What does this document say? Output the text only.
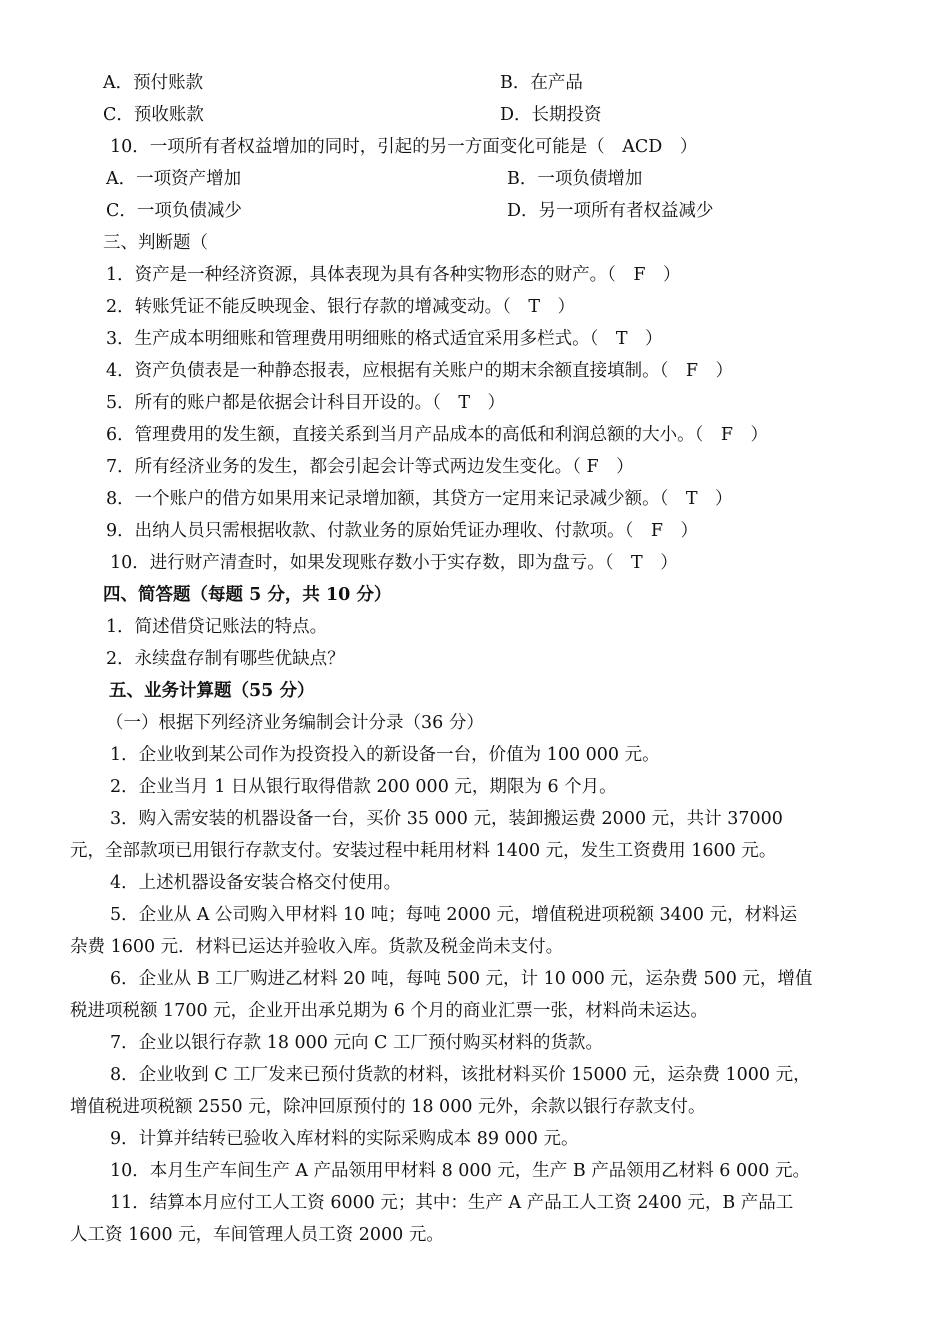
A．预付账款	B．在产品
C．预收账款	D．长期投资
10．一项所有者权益增加的同时，引起的另一方面变化可能是（　ACD　）
A．一项资产增加	B．一项负债增加
C．一项负债减少	D．另一项所有者权益减少
三、判断题（
1．资产是一种经济资源，具体表现为具有各种实物形态的财产。（　F　）
2．转账凭证不能反映现金、银行存款的增减变动。（　T　）
3．生产成本明细账和管理费用明细账的格式适宜采用多栏式。（　T　）
4．资产负债表是一种静态报表，应根据有关账户的期末余额直接填制。（　F　）
5．所有的账户都是依据会计科目开设的。（　T　）
6．管理费用的发生额，直接关系到当月产品成本的高低和利润总额的大小。（　F　）
7．所有经济业务的发生，都会引起会计等式两边发生变化。（ F　）
8．一个账户的借方如果用来记录增加额，其贷方一定用来记录减少额。（　T　）
9．出纳人员只需根据收款、付款业务的原始凭证办理收、付款项。（　F　）
10．进行财产清查时，如果发现账存数小于实存数，即为盘亏。（　T　）
四、简答题（每题 5 分，共 10 分）
1．简述借贷记账法的特点。
2．永续盘存制有哪些优缺点？
五、业务计算题（55 分）
（一）根据下列经济业务编制会计分录（36 分）
1．企业收到某公司作为投资投入的新设备一台，价值为 100 000 元。
2．企业当月 1 日从银行取得借款 200 000 元，期限为 6 个月。
3．购入需安装的机器设备一台，买价 35 000 元，装卸搬运费 2000 元，共计 37000
元，全部款项已用银行存款支付。安装过程中耗用材料 1400 元，发生工资费用 1600 元。
4．上述机器设备安装合格交付使用。
5．企业从 A 公司购入甲材料 10 吨；每吨 2000 元，增值税进项税额 3400 元，材料运
杂费 1600 元．材料已运达并验收入库。货款及税金尚未支付。
6．企业从 B 工厂购进乙材料 20 吨，每吨 500 元，计 10 000 元，运杂费 500 元，增值
税进项税额 1700 元，企业开出承兑期为 6 个月的商业汇票一张，材料尚未运达。
7．企业以银行存款 18 000 元向 C 工厂预付购买材料的货款。
8．企业收到 C 工厂发来已预付货款的材料，该批材料买价 15000 元，运杂费 1000 元，
增值税进项税额 2550 元，除冲回原预付的 18 000 元外，余款以银行存款支付。
9．计算并结转已验收入库材料的实际采购成本 89 000 元。
10．本月生产车间生产 A 产品领用甲材料 8 000 元，生产 B 产品领用乙材料 6 000 元。
11．结算本月应付工人工资 6000 元；其中：生产 A 产品工人工资 2400 元，B 产品工
人工资 1600 元，车间管理人员工资 2000 元。
